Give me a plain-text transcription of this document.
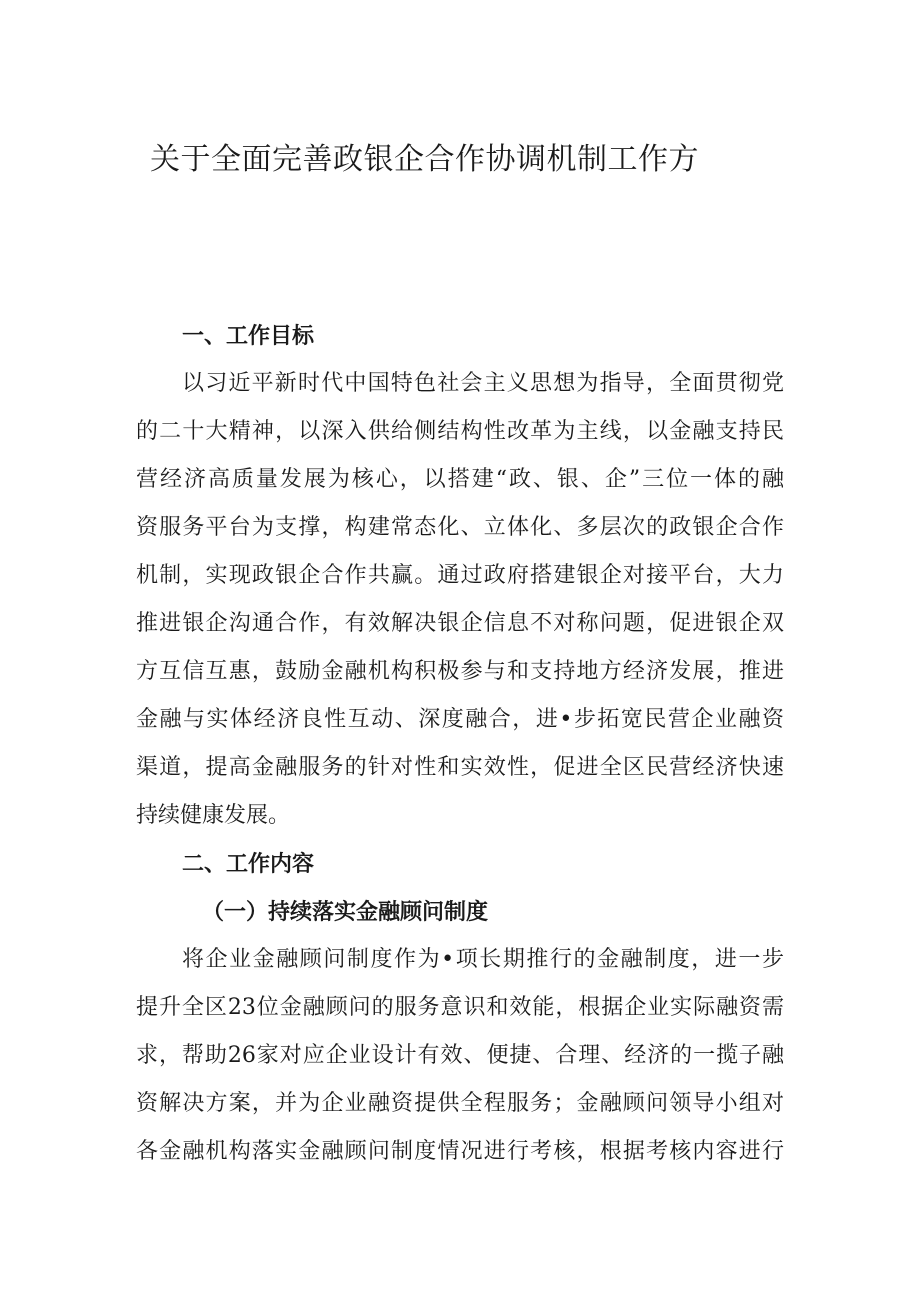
关于全面完善政银企合作协调机制工作方
一、工作目标

以习近平新时代中国特色社会主义思想为指导，全面贯彻党
的二十大精神，以深入供给侧结构性改革为主线，以金融支持民
营经济高质量发展为核心，以搭建“政、银、企”三位一体的融
资服务平台为支撑，构建常态化、立体化、多层次的政银企合作
机制，实现政银企合作共赢。通过政府搭建银企对接平台，大力
推进银企沟通合作，有效解决银企信息不对称问题，促进银企双
方互信互惠，鼓励金融机构积极参与和支持地方经济发展，推进
金融与实体经济良性互动、深度融合，进•步拓宽民营企业融资
渠道，提高金融服务的针对性和实效性，促进全区民营经济快速
持续健康发展。

二、工作内容
（一）持续落实金融顾问制度

将企业金融顾问制度作为•项长期推行的金融制度，进一步
提升全区23位金融顾问的服务意识和效能，根据企业实际融资需
求，帮助26家对应企业设计有效、便捷、合理、经济的一揽子融
资解决方案，并为企业融资提供全程服务；金融顾问领导小组对
各金融机构落实金融顾问制度情况进行考核，根据考核内容进行
